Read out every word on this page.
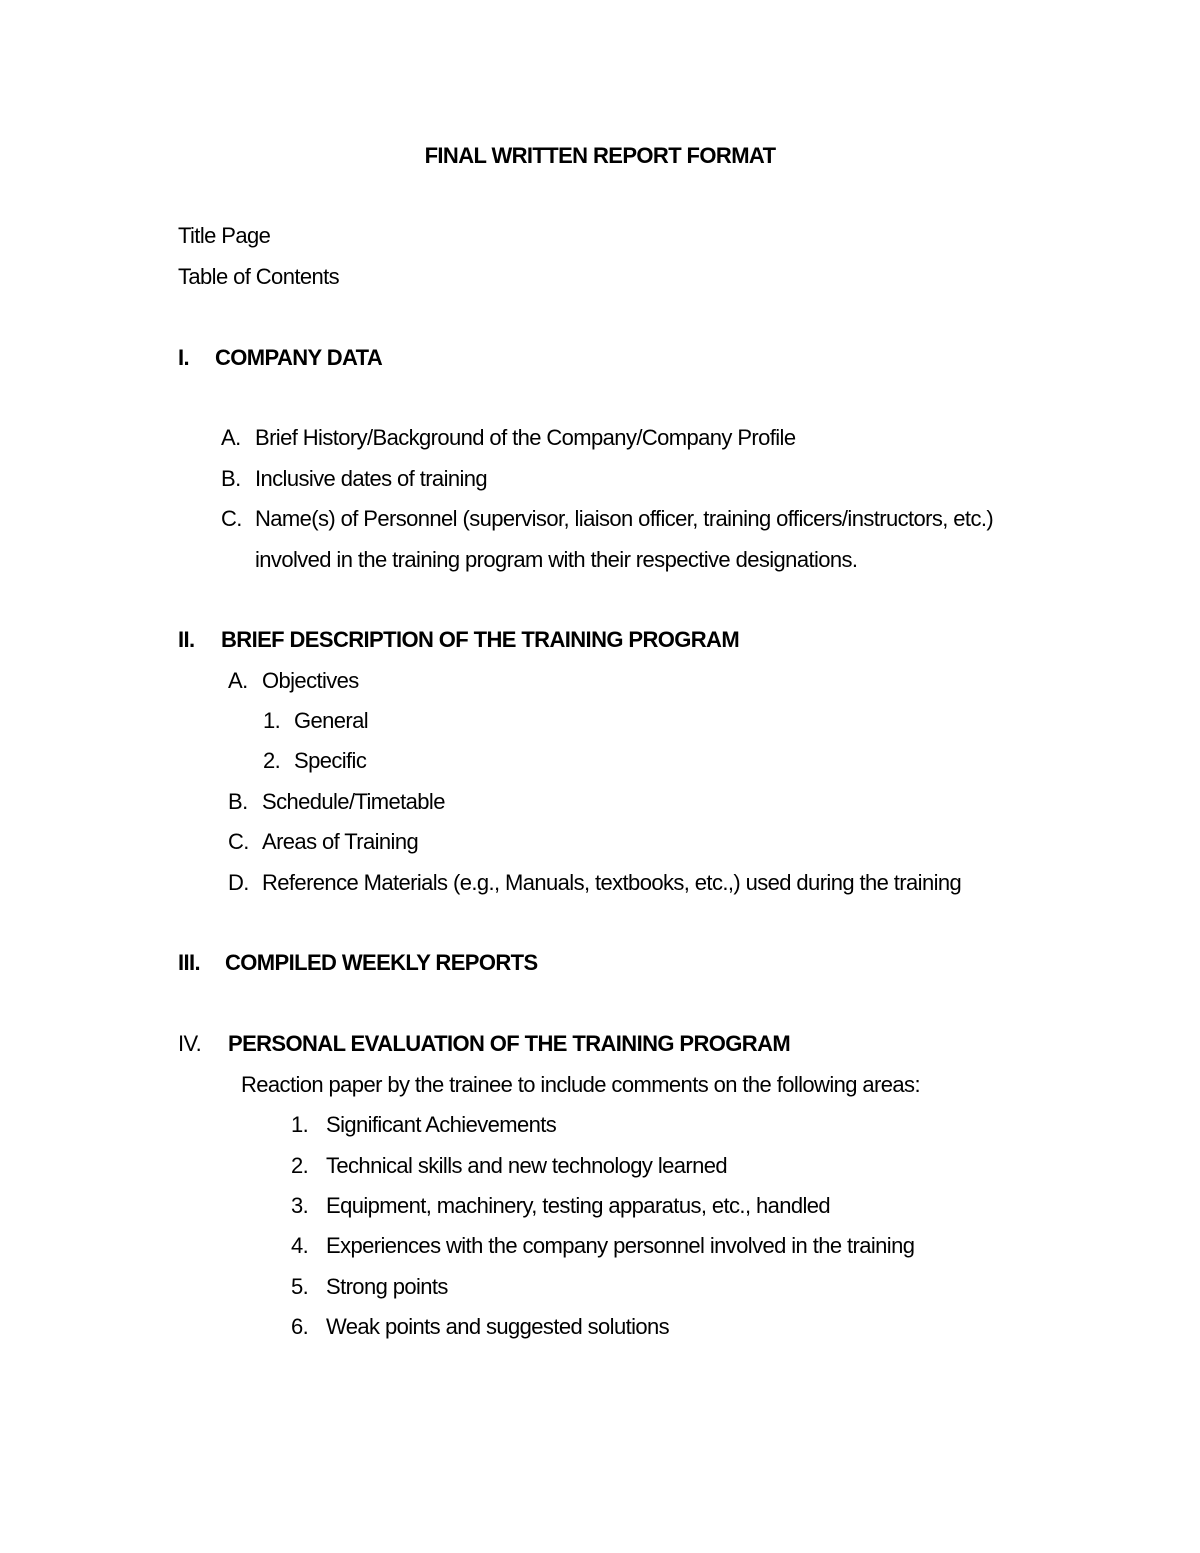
FINAL WRITTEN REPORT FORMAT
Title Page
Table of Contents
I. COMPANY DATA
A. Brief History/Background of the Company/Company Profile
B. Inclusive dates of training
C. Name(s) of Personnel (supervisor, liaison officer, training officers/instructors, etc.)
involved in the training program with their respective designations.
II. BRIEF DESCRIPTION OF THE TRAINING PROGRAM
A. Objectives
1. General
2. Specific
B. Schedule/Timetable
C. Areas of Training
D. Reference Materials (e.g., Manuals, textbooks, etc.,) used during the training
III. COMPILED WEEKLY REPORTS
IV. PERSONAL EVALUATION OF THE TRAINING PROGRAM
Reaction paper by the trainee to include comments on the following areas:
1. Significant Achievements
2. Technical skills and new technology learned
3. Equipment, machinery, testing apparatus, etc., handled
4. Experiences with the company personnel involved in the training
5. Strong points
6. Weak points and suggested solutions
